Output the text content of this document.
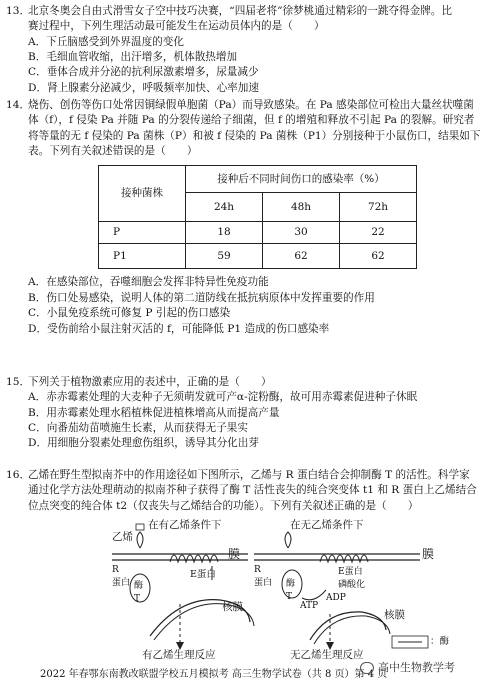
13．
北京冬奥会自由式滑雪女子空中技巧决赛，“四届老将”徐梦桃通过精彩的一跳夺得金牌。比
赛过程中，下列生理活动最可能发生在运动员体内的是（　　）
A．下丘脑感受到外界温度的变化
B．毛细血管收缩，出汗增多，机体散热增加
C．垂体合成并分泌的抗利尿激素增多，尿量减少
D．肾上腺素分泌减少，呼吸频率加快、心率加速
14．
烧伤、创伤等伤口处常因铜绿假单胞菌（Pa）而导致感染。在 Pa 感染部位可检出大量丝状噬菌
体（f），f 侵染 Pa 并随 Pa 的分裂传递给子细菌，但 f 的增殖和释放不引起 Pa 的裂解。研究者
将等量的无 f 侵染的 Pa 菌株（P）和被 f 侵染的 Pa 菌株（P1）分别接种于小鼠伤口，结果如下
表。下列有关叙述错误的是（　　）
接种菌株	接种后不同时间伤口的感染率（%）		
	24h	48h	72h
P	18	30	22
P1	59	62	62
A．在感染部位，吞噬细胞会发挥非特异性免疫功能
B．伤口处易感染，说明人体的第二道防线在抵抗病原体中发挥重要的作用
C．小鼠免疫系统可修复 P 引起的伤口感染
D．受伤前给小鼠注射灭活的 f，可能降低 P1 造成的伤口感染率
15．
下列关于植物激素应用的表述中，正确的是（　　）
A．赤赤霉素处理的大麦种子无须萌发就可产α-淀粉酶，故可用赤霉素促进种子休眠
B．用赤霉素处理水稻植株促进植株增高从而提高产量
C．向番茄幼苗喷施生长素，从而获得无子果实
D．用细胞分裂素处理愈伤组织，诱导其分化出芽
16．
乙烯在野生型拟南芥中的作用途径如下图所示，乙烯与 R 蛋白结合会抑制酶 T 的活性。科学家
通过化学方法处理萌动的拟南芥种子获得了酶 T 活性丧失的纯合突变体 t1 和 R 蛋白上乙烯结合
位点突变的纯合体 t2（仅丧失与乙烯结合的功能）。下列有关叙述正确的是（　　）
在有乙烯条件下	在无乙烯条件下
乙烯
R
蛋白 酶
T
E蛋白
膜
核膜
有乙烯生理反应
R
蛋白 酶
T
E蛋白
磷酸化
ATP
ADP
膜
核膜
无乙烯生理反应
：酶
2022 年春鄂东南教改联盟学校五月模拟考 高三生物学试卷（共 8 页）第 4 页
高中生物教学考
